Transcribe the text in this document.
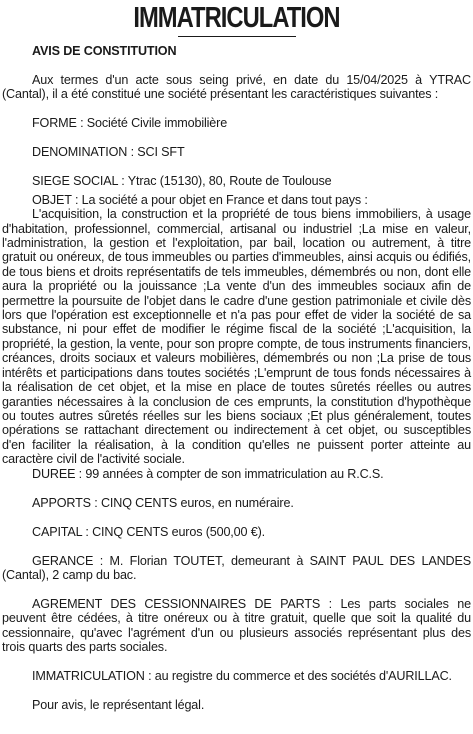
IMMATRICULATION
AVIS DE CONSTITUTION

Aux termes d'un acte sous seing privé, en date du 15/04/2025 à YTRAC (Cantal), il a été constitué une société présentant les caractéristiques suivantes :

FORME : Société Civile immobilière

DENOMINATION : SCI SFT

SIEGE SOCIAL : Ytrac (15130), 80, Route de Toulouse

OBJET : La société a pour objet en France et dans tout pays :

L'acquisition, la construction et la propriété de tous biens immobiliers, à usage d'habitation, professionnel, commercial, artisanal ou industriel ;La mise en valeur, l'administration, la gestion et l'exploitation, par bail, location ou autrement, à titre gratuit ou onéreux, de tous immeubles ou parties d'immeubles, ainsi acquis ou édifiés, de tous biens et droits représentatifs de tels immeubles, démembrés ou non, dont elle aura la propriété ou la jouissance ;La vente d'un des immeubles sociaux afin de permettre la poursuite de l'objet dans le cadre d'une gestion patrimoniale et civile dès lors que l'opération est exceptionnelle et n'a pas pour effet de vider la société de sa substance, ni pour effet de modifier le régime fiscal de la société ;L'acquisition, la propriété, la gestion, la vente, pour son propre compte, de tous instruments financiers, créances, droits sociaux et valeurs mobilières, démembrés ou non ;La prise de tous intérêts et participations dans toutes sociétés ;L'emprunt de tous fonds nécessaires à la réalisation de cet objet, et la mise en place de toutes sûretés réelles ou autres garanties nécessaires à la conclusion de ces emprunts, la constitution d'hypothèque ou toutes autres sûretés réelles sur les biens sociaux ;Et plus généralement, toutes opérations se rattachant directement ou indirectement à cet objet, ou susceptibles d'en faciliter la réalisation, à la condition qu'elles ne puissent porter atteinte au caractère civil de l'activité sociale.

DUREE : 99 années à compter de son immatriculation au R.C.S.

APPORTS : CINQ CENTS euros, en numéraire.

CAPITAL : CINQ CENTS euros (500,00 €).

GERANCE : M. Florian TOUTET, demeurant à SAINT PAUL DES LANDES (Cantal), 2 camp du bac.

AGREMENT DES CESSIONNAIRES DE PARTS : Les parts sociales ne peuvent être cédées, à titre onéreux ou à titre gratuit, quelle que soit la qualité du cessionnaire, qu'avec l'agrément d'un ou plusieurs associés représentant plus des trois quarts des parts sociales.

IMMATRICULATION : au registre du commerce et des sociétés d'AURILLAC.

Pour avis, le représentant légal.
